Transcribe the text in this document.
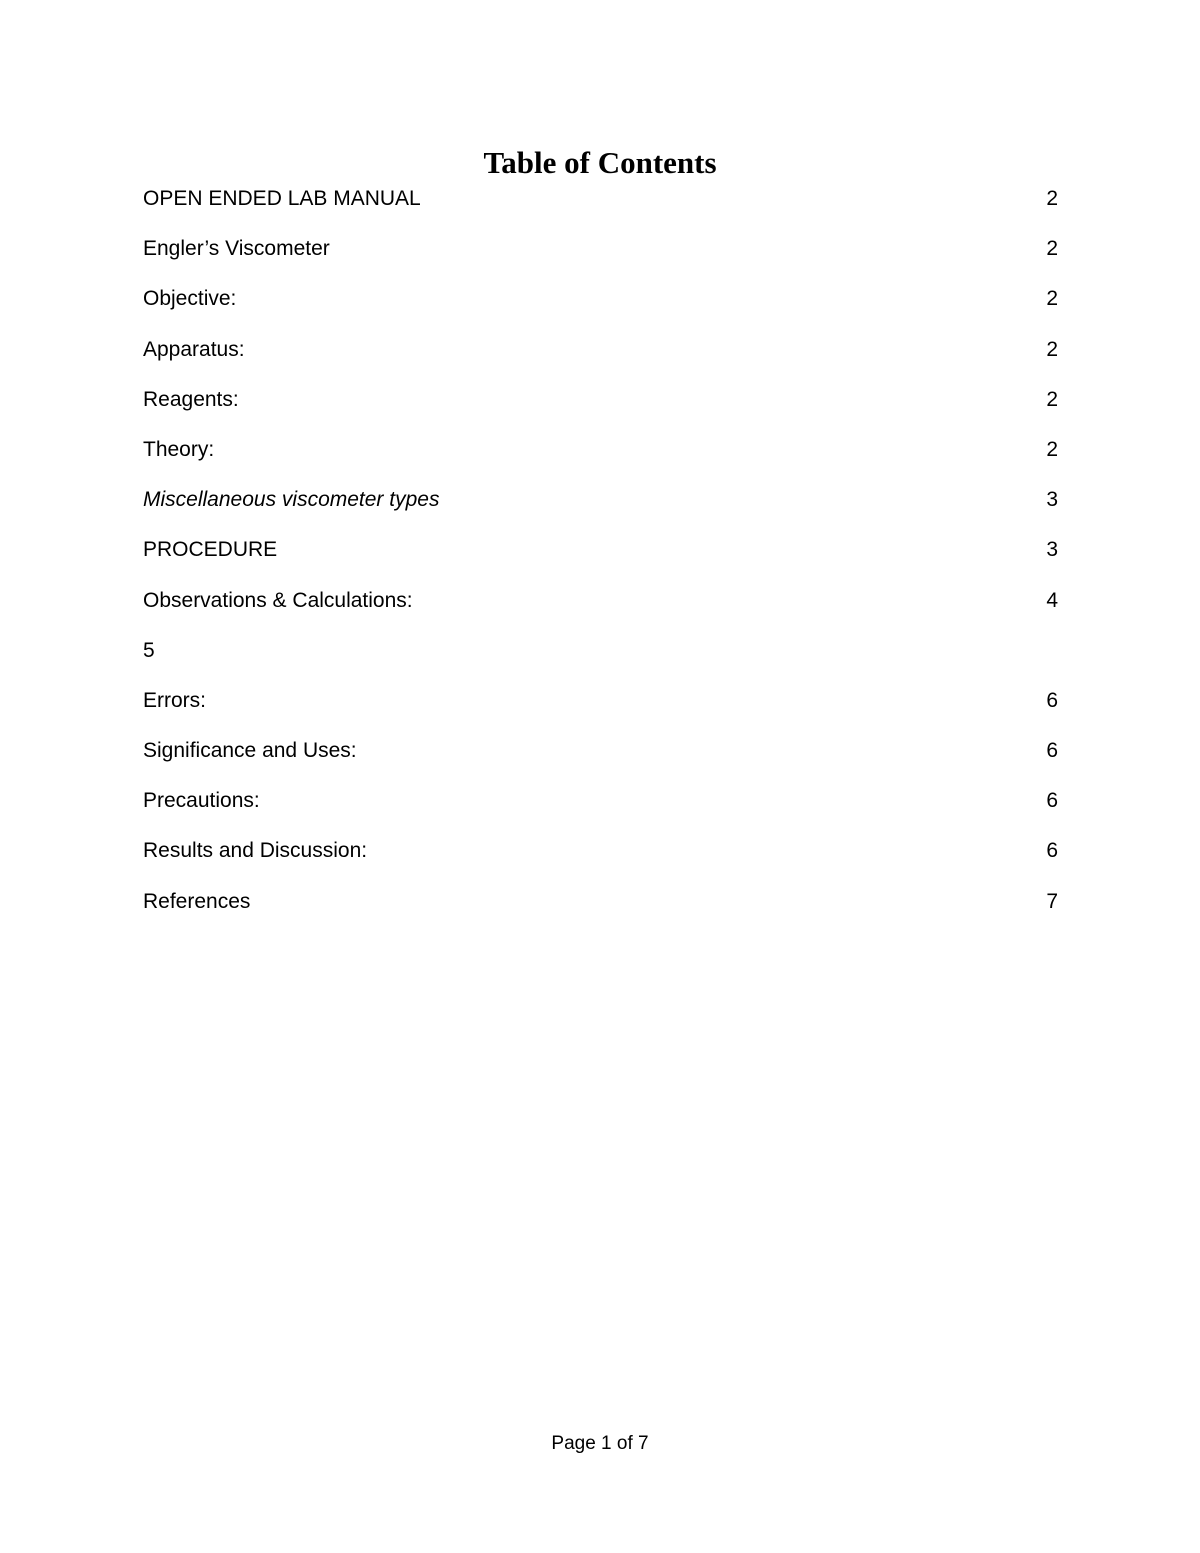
Table of Contents
OPEN ENDED LAB MANUAL	2
Engler’s Viscometer	2
Objective:	2
Apparatus:	2
Reagents:	2
Theory:	2
Miscellaneous viscometer types	3
PROCEDURE	3
Observations & Calculations:	4
5
Errors:	6
Significance and Uses:	6
Precautions:	6
Results and Discussion:	6
References	7
Page 1 of 7
